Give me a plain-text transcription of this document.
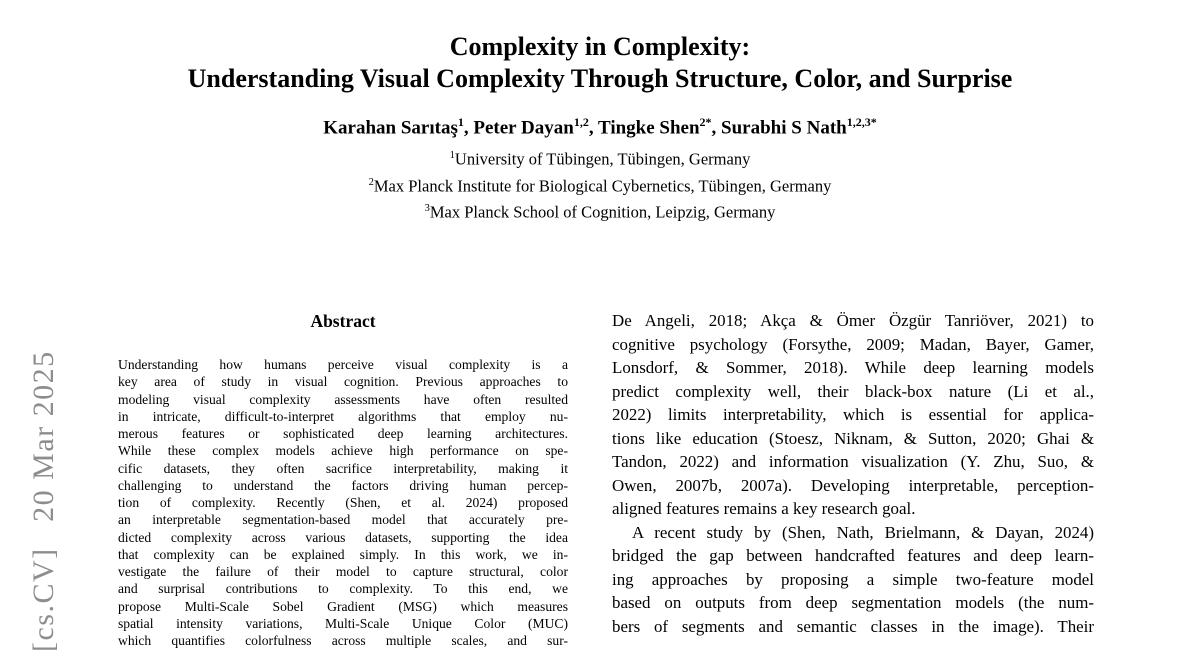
[cs.CV]20 Mar 2025
Complexity in Complexity:
Understanding Visual Complexity Through Structure, Color, and Surprise
Karahan Sarıtaş$^1$, Peter Dayan$^{1,2}$, Tingke Shen$^{2*}$, Surabhi S Nath$^{1,2,3*}$
$^1$University of Tübingen, Tübingen, Germany
$^2$Max Planck Institute for Biological Cybernetics, Tübingen, Germany
$^3$Max Planck School of Cognition, Leipzig, Germany
Abstract
Understanding how humans perceive visual complexity is a
key area of study in visual cognition. Previous approaches to
modeling visual complexity assessments have often resulted
in intricate, difficult-to-interpret algorithms that employ nu-
merous features or sophisticated deep learning architectures.
While these complex models achieve high performance on spe-
cific datasets, they often sacrifice interpretability, making it
challenging to understand the factors driving human percep-
tion of complexity. Recently (Shen, et al. 2024) proposed
an interpretable segmentation-based model that accurately pre-
dicted complexity across various datasets, supporting the idea
that complexity can be explained simply. In this work, we in-
vestigate the failure of their model to capture structural, color
and surprisal contributions to complexity. To this end, we
propose Multi-Scale Sobel Gradient (MSG) which measures
spatial intensity variations, Multi-Scale Unique Color (MUC)
which quantifies colorfulness across multiple scales, and sur-
De Angeli, 2018; Akça & Ömer Özgür Tanriöver, 2021) to
cognitive psychology (Forsythe, 2009; Madan, Bayer, Gamer,
Lonsdorf, & Sommer, 2018). While deep learning models
predict complexity well, their black-box nature (Li et al.,
2022) limits interpretability, which is essential for applica-
tions like education (Stoesz, Niknam, & Sutton, 2020; Ghai &
Tandon, 2022) and information visualization (Y. Zhu, Suo, &
Owen, 2007b, 2007a). Developing interpretable, perception-
aligned features remains a key research goal.
A recent study by (Shen, Nath, Brielmann, & Dayan, 2024)
bridged the gap between handcrafted features and deep learn-
ing approaches by proposing a simple two-feature model
based on outputs from deep segmentation models (the num-
bers of segments and semantic classes in the image). Their
